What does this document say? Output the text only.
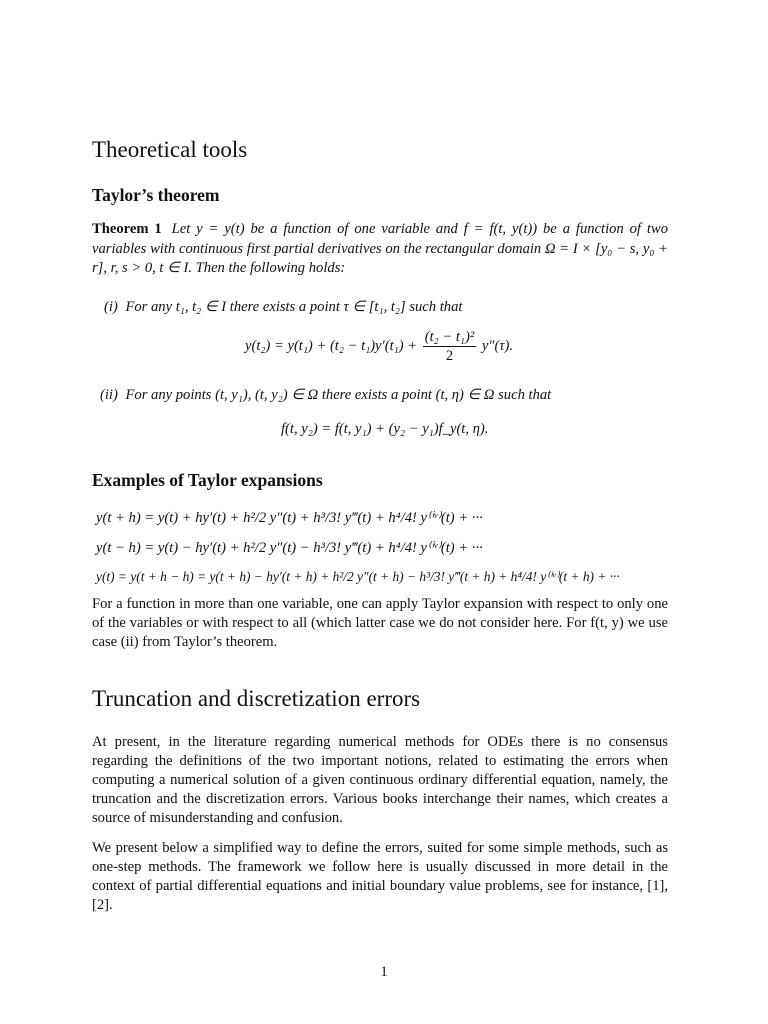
Theoretical tools
Taylor’s theorem
Theorem 1 Let y = y(t) be a function of one variable and f = f(t, y(t)) be a function of two variables with continuous first partial derivatives on the rectangular domain Ω = I × [y₀ − s, y₀ + r], r, s > 0, t ∈ I. Then the following holds:
(i) For any t₁, t₂ ∈ I there exists a point τ ∈ [t₁, t₂] such that
$y(t_2) = y(t_1) + (t_2 - t_1)y'(t_1) + \frac{\text{(t₂ − t₁)²}}{2} y''(\tau)$.
(ii) For any points (t, y₁), (t, y₂) ∈ Ω there exists a point (t, η) ∈ Ω such that
f(t, y₂) = f(t, y₁) + (y₂ − y₁)f_y(t, η).
Examples of Taylor expansions
y(t + h) = y(t) + hy′(t) + h²/2 y″(t) + h³/3! y‴(t) + h⁴/4! y⁽ⁱᵛ⁾(t) + ···
y(t − h) = y(t) − hy′(t) + h²/2 y″(t) − h³/3! y‴(t) + h⁴/4! y⁽ⁱᵛ⁾(t) + ···
y(t) = y(t + h − h) = y(t + h) − hy′(t + h) + h²/2 y″(t + h) − h³/3! y‴(t + h) + h⁴/4! y⁽ⁱᵛ⁾(t + h) + ···
For a function in more than one variable, one can apply Taylor expansion with respect to only one of the variables or with respect to all (which latter case we do not consider here. For f(t, y) we use case (ii) from Taylor’s theorem.
Truncation and discretization errors
At present, in the literature regarding numerical methods for ODEs there is no consensus regarding the definitions of the two important notions, related to estimating the errors when computing a numerical solution of a given continuous ordinary differential equation, namely, the truncation and the discretization errors. Various books interchange their names, which creates a source of misunderstanding and confusion.
We present below a simplified way to define the errors, suited for some simple methods, such as one-step methods. The framework we follow here is usually discussed in more detail in the context of partial differential equations and initial boundary value problems, see for instance, [1], [2].
1
